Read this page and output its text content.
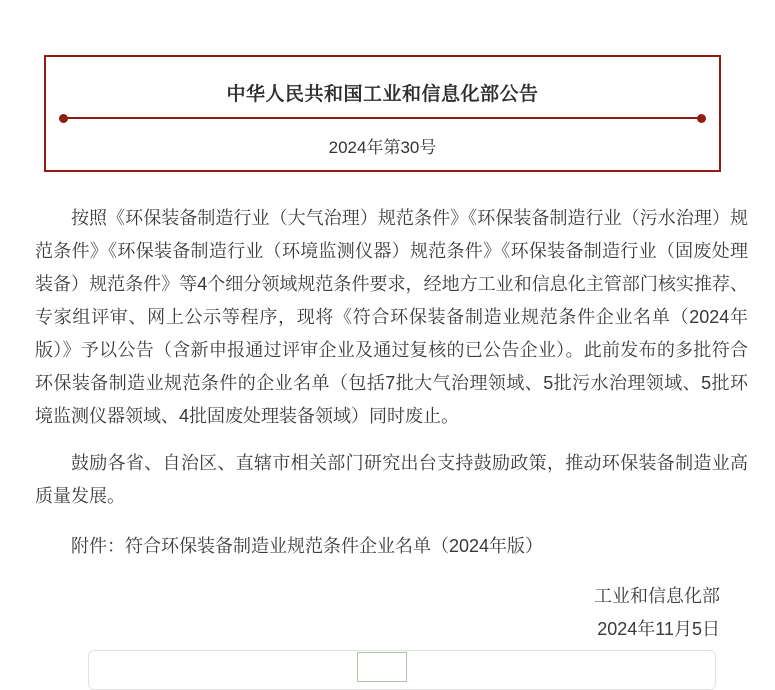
中华人民共和国工业和信息化部公告
2024年第30号

按照《环保装备制造行业（大气治理）规范条件》《环保装备制造行业（污水治理）规范条件》《环保装备制造行业（环境监测仪器）规范条件》《环保装备制造行业（固废处理装备）规范条件》等4个细分领域规范条件要求，经地方工业和信息化主管部门核实推荐、专家组评审、网上公示等程序，现将《符合环保装备制造业规范条件企业名单（2024年版）》予以公告（含新申报通过评审企业及通过复核的已公告企业）。此前发布的多批符合环保装备制造业规范条件的企业名单（包括7批大气治理领域、5批污水治理领域、5批环境监测仪器领域、4批固废处理装备领域）同时废止。

鼓励各省、自治区、直辖市相关部门研究出台支持鼓励政策，推动环保装备制造业高质量发展。

附件：符合环保装备制造业规范条件企业名单（2024年版）

工业和信息化部
2024年11月5日
